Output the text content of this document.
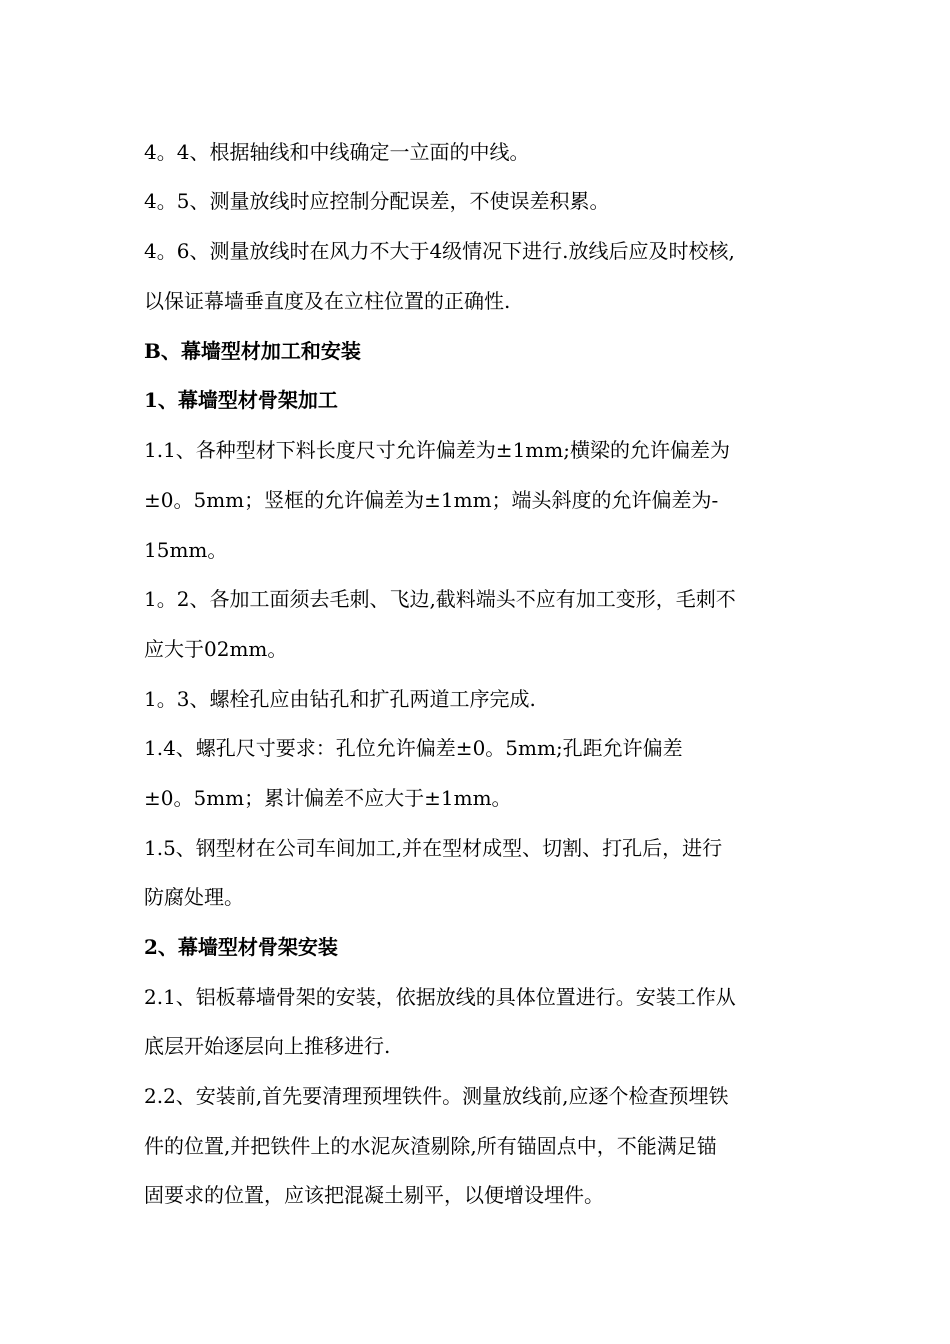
4。4、根据轴线和中线确定一立面的中线。
4。5、测量放线时应控制分配误差，不使误差积累。
4。6、测量放线时在风力不大于4级情况下进行.放线后应及时校核,
以保证幕墙垂直度及在立柱位置的正确性.
B、幕墙型材加工和安装
1、幕墙型材骨架加工
1.1、各种型材下料长度尺寸允许偏差为±1mm;横梁的允许偏差为
±0。5mm；竖框的允许偏差为±1mm；端头斜度的允许偏差为-
15mm。
1。2、各加工面须去毛刺、飞边,截料端头不应有加工变形，毛刺不
应大于02mm。
1。3、螺栓孔应由钻孔和扩孔两道工序完成.
1.4、螺孔尺寸要求：孔位允许偏差±0。5mm;孔距允许偏差
±0。5mm；累计偏差不应大于±1mm。
1.5、钢型材在公司车间加工,并在型材成型、切割、打孔后，进行
防腐处理。
2、幕墙型材骨架安装
2.1、铝板幕墙骨架的安装，依据放线的具体位置进行。安装工作从
底层开始逐层向上推移进行.
2.2、安装前,首先要清理预埋铁件。测量放线前,应逐个检查预埋铁
件的位置,并把铁件上的水泥灰渣剔除,所有锚固点中，不能满足锚
固要求的位置，应该把混凝土剔平，以便增设埋件。
